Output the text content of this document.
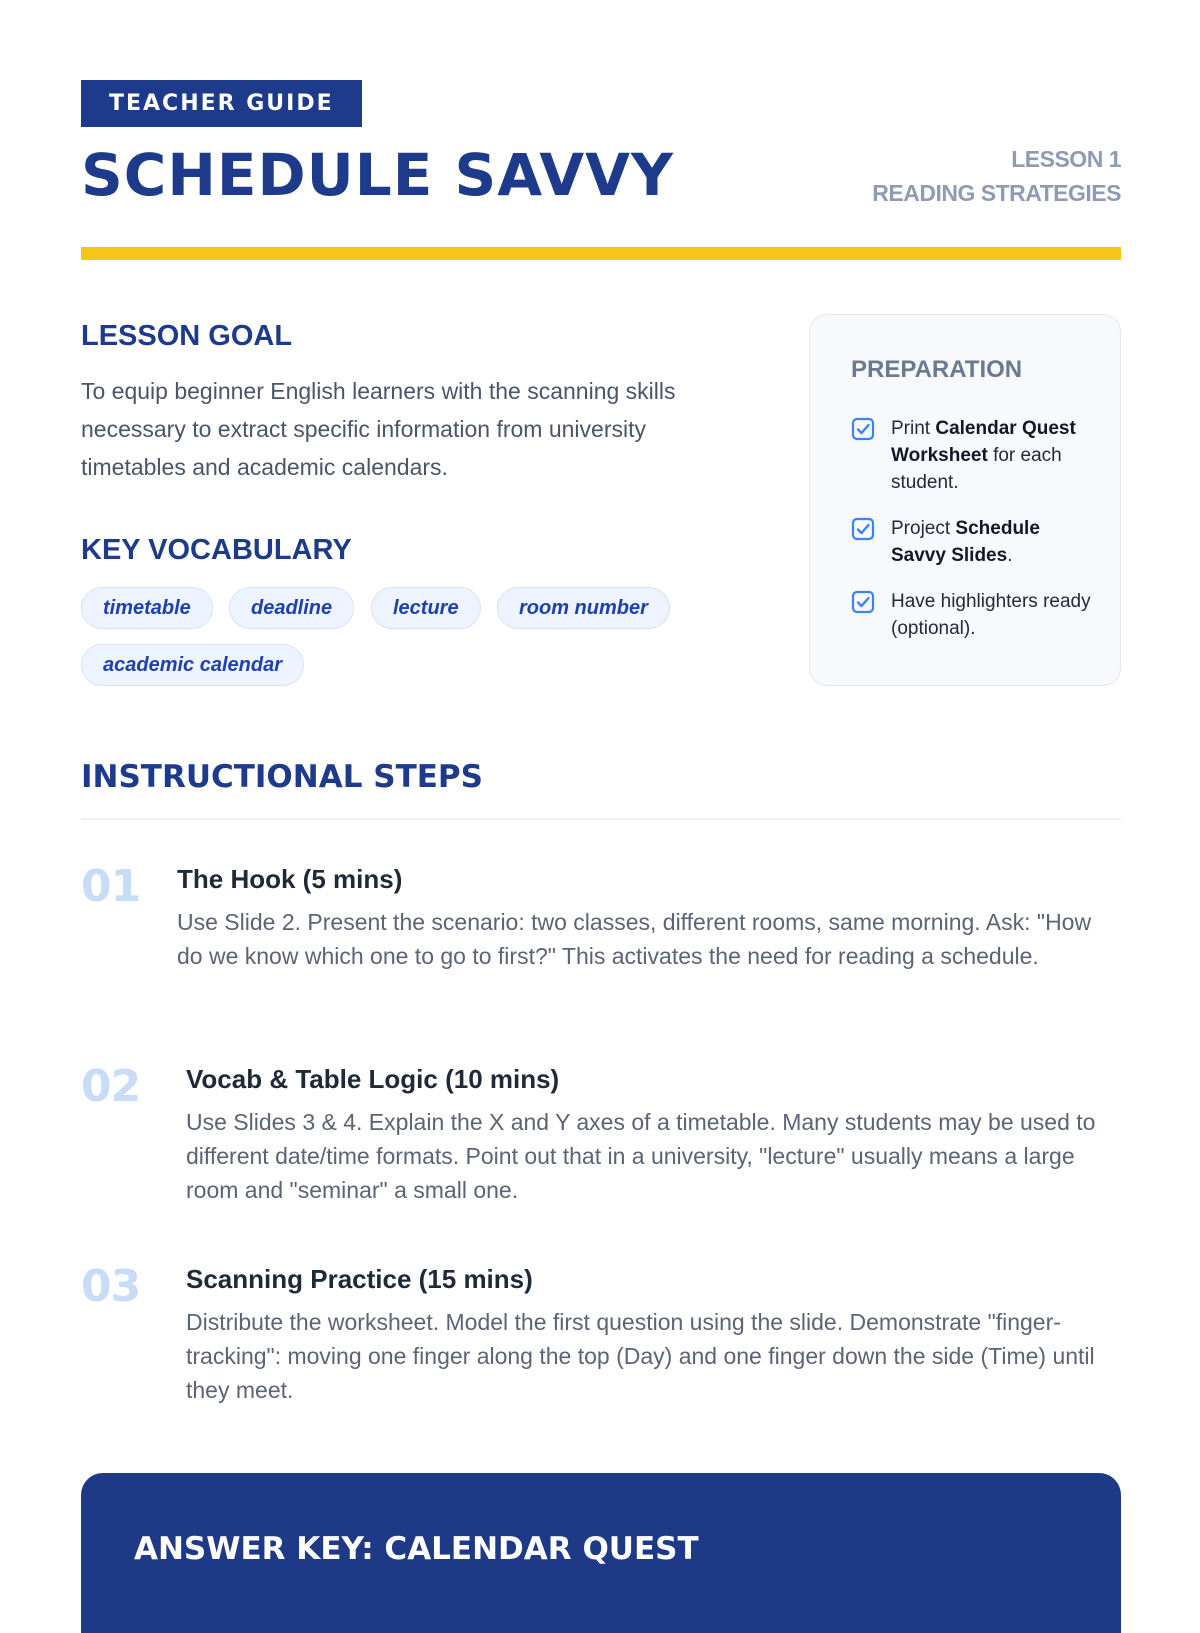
TEACHER GUIDE
SCHEDULE SAVVY	LESSON 1
READING STRATEGIES
LESSON GOAL

To equip beginner English learners with the scanning skills necessary to extract specific information from university timetables and academic calendars.

KEY VOCABULARY
timetable	deadline	lecture	room number
academic calendar
PREPARATION
Print Calendar Quest Worksheet for each student.
Project Schedule Savvy Slides.
Have highlighters ready (optional).
INSTRUCTIONAL STEPS
01 The Hook (5 mins)

Use Slide 2. Present the scenario: two classes, different rooms, same morning. Ask: "How do we know which one to go to first?" This activates the need for reading a schedule.

02 Vocab & Table Logic (10 mins)

Use Slides 3 & 4. Explain the X and Y axes of a timetable. Many students may be used to different date/time formats. Point out that in a university, "lecture" usually means a large room and "seminar" a small one.

03 Scanning Practice (15 mins)

Distribute the worksheet. Model the first question using the slide. Demonstrate "finger-tracking": moving one finger along the top (Day) and one finger down the side (Time) until they meet.

ANSWER KEY: CALENDAR QUEST
